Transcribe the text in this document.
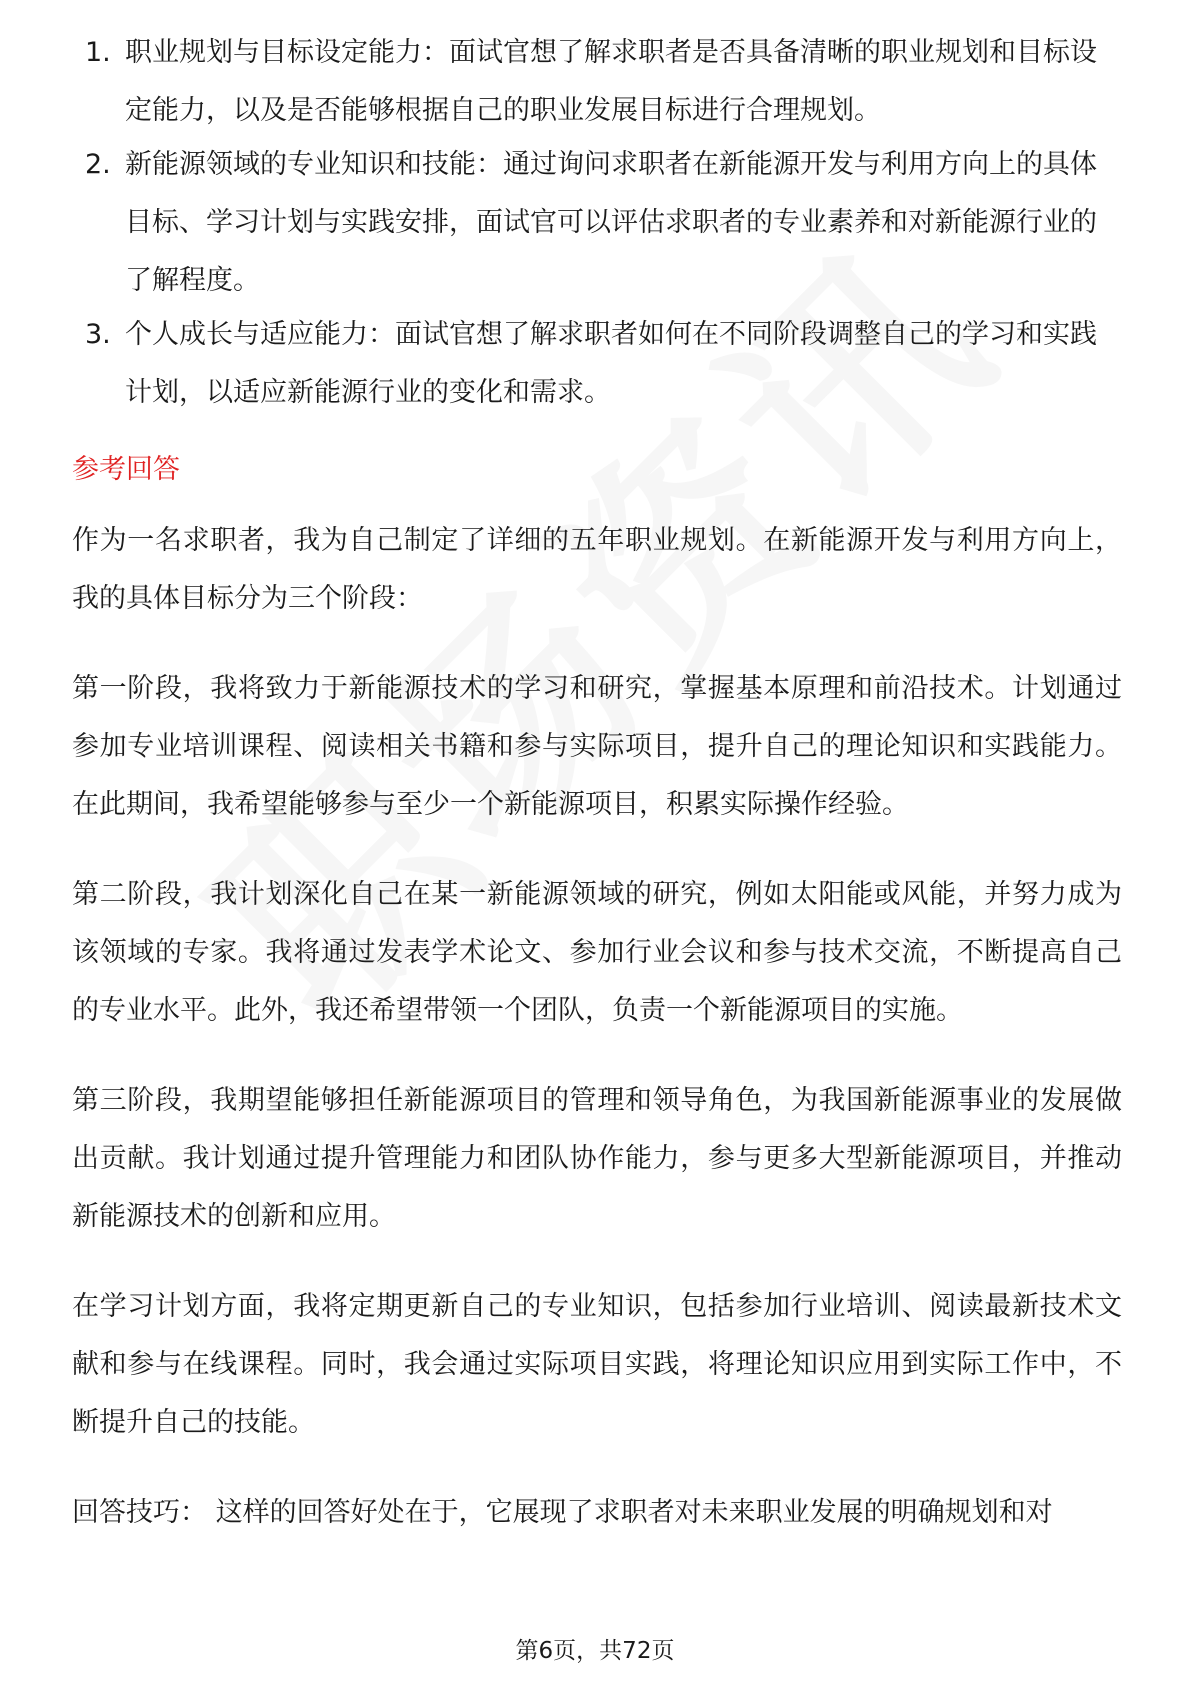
1. 职业规划与目标设定能力：面试官想了解求职者是否具备清晰的职业规划和目标设定能力，以及是否能够根据自己的职业发展目标进行合理规划。
2. 新能源领域的专业知识和技能：通过询问求职者在新能源开发与利用方向上的具体目标、学习计划与实践安排，面试官可以评估求职者的专业素养和对新能源行业的了解程度。
3. 个人成长与适应能力：面试官想了解求职者如何在不同阶段调整自己的学习和实践计划，以适应新能源行业的变化和需求。
参考回答

作为一名求职者，我为自己制定了详细的五年职业规划。在新能源开发与利用方向上，我的具体目标分为三个阶段：

第一阶段，我将致力于新能源技术的学习和研究，掌握基本原理和前沿技术。计划通过参加专业培训课程、阅读相关书籍和参与实际项目，提升自己的理论知识和实践能力。在此期间，我希望能够参与至少一个新能源项目，积累实际操作经验。

第二阶段，我计划深化自己在某一新能源领域的研究，例如太阳能或风能，并努力成为该领域的专家。我将通过发表学术论文、参加行业会议和参与技术交流，不断提高自己的专业水平。此外，我还希望带领一个团队，负责一个新能源项目的实施。

第三阶段，我期望能够担任新能源项目的管理和领导角色，为我国新能源事业的发展做出贡献。我计划通过提升管理能力和团队协作能力，参与更多大型新能源项目，并推动新能源技术的创新和应用。

在学习计划方面，我将定期更新自己的专业知识，包括参加行业培训、阅读最新技术文献和参与在线课程。同时，我会通过实际项目实践，将理论知识应用到实际工作中，不断提升自己的技能。

回答技巧： 这样的回答好处在于，它展现了求职者对未来职业发展的明确规划和对

第6页，共72页
